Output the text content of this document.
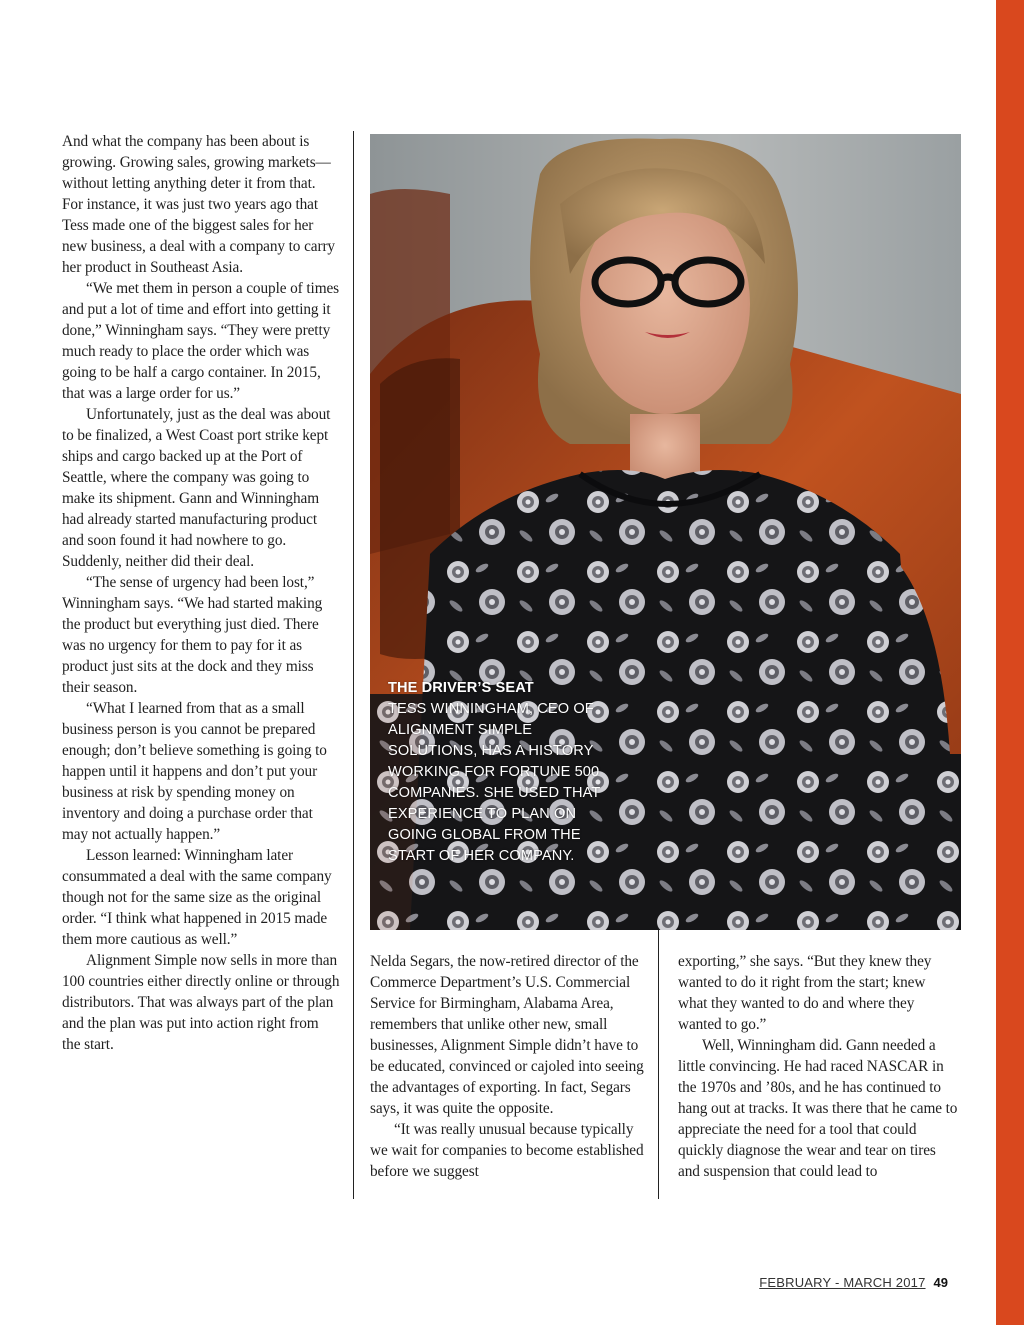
And what the company has been about is growing. Growing sales, growing markets—without letting anything deter it from that. For instance, it was just two years ago that Tess made one of the biggest sales for her new business, a deal with a company to carry her product in Southeast Asia.

“We met them in person a couple of times and put a lot of time and effort into getting it done,” Winningham says. “They were pretty much ready to place the order which was going to be half a cargo container. In 2015, that was a large order for us.”

Unfortunately, just as the deal was about to be finalized, a West Coast port strike kept ships and cargo backed up at the Port of Seattle, where the company was going to make its shipment. Gann and Winningham had already started manufacturing product and soon found it had nowhere to go. Suddenly, neither did their deal.

“The sense of urgency had been lost,” Winningham says. “We had started making the product but everything just died. There was no urgency for them to pay for it as product just sits at the dock and they miss their season.

“What I learned from that as a small business person is you cannot be prepared enough; don’t believe something is going to happen until it happens and don’t put your business at risk by spending money on inventory and doing a purchase order that may not actually happen.”

Lesson learned: Winningham later consummated a deal with the same company though not for the same size as the original order. “I think what happened in 2015 made them more cautious as well.”

Alignment Simple now sells in more than 100 countries either directly online or through distributors. That was always part of the plan and the plan was put into action right from the start.

THE DRIVER’S SEAT
TESS WINNINGHAM, CEO OF ALIGNMENT SIMPLE SOLUTIONS, HAS A HISTORY WORKING FOR FORTUNE 500 COMPANIES. SHE USED THAT EXPERIENCE TO PLAN ON GOING GLOBAL FROM THE START OF HER COMPANY.

Nelda Segars, the now-retired director of the Commerce Department’s U.S. Commercial Service for Birmingham, Alabama Area, remembers that unlike other new, small businesses, Alignment Simple didn’t have to be educated, convinced or cajoled into seeing the advantages of exporting. In fact, Segars says, it was quite the opposite.

“It was really unusual because typically we wait for companies to become established before we suggest

exporting,” she says. “But they knew they wanted to do it right from the start; knew what they wanted to do and where they wanted to go.”

Well, Winningham did. Gann needed a little convincing. He had raced NASCAR in the 1970s and ’80s, and he has continued to hang out at tracks. It was there that he came to appreciate the need for a tool that could quickly diagnose the wear and tear on tires and suspension that could lead to

FEBRUARY - MARCH 2017 49
